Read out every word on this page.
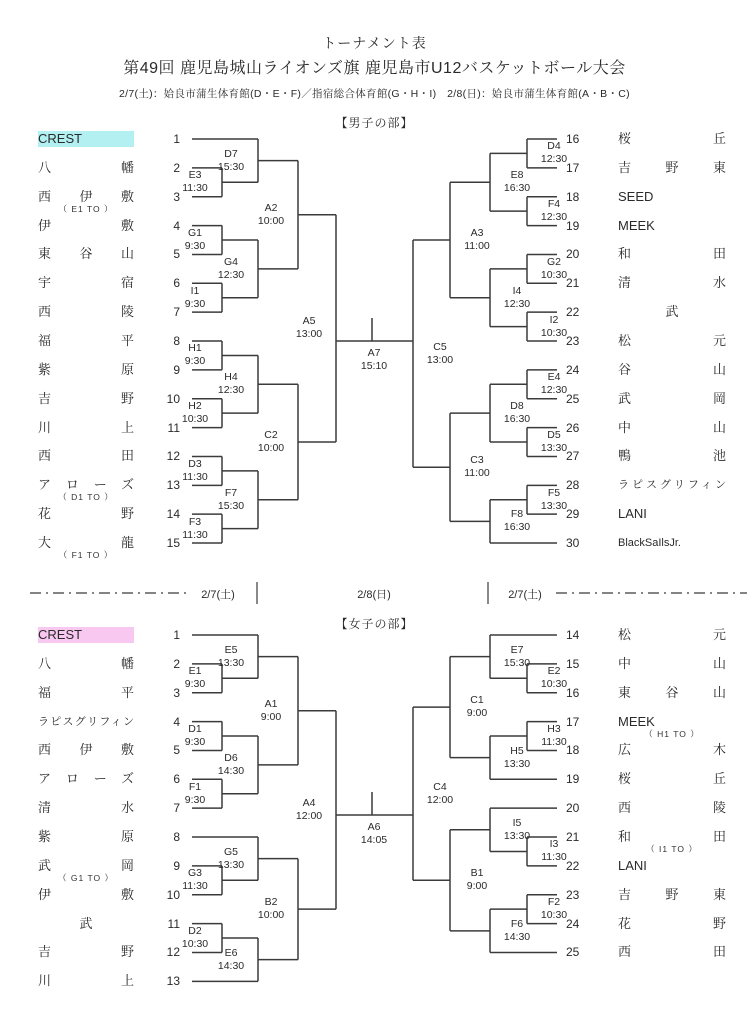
トーナメント表
第49回 鹿児島城山ライオンズ旗 鹿児島市U12バスケットボール大会
2/7(土)：姶良市蒲生体育館(D・E・F)／指宿総合体育館(G・H・I)　2/8(日)：姶良市蒲生体育館(A・B・C)
【男子の部】
【女子の部】
2/7(土)	2/8(日)	2/7(土)
1
CREST
2
八幡
3
西伊敷
（ E1 TO ）
4
伊敷
5
東谷山
6
宇宿
7
西陵
8
福平
9
紫原
10
吉野
11
川上
12
西田
13
アローズ
（ D1 TO ）
14
花野
15
大龍
（ F1 TO ）
16	桜丘
17	吉野東
18	SEED
19	MEEK
20	和田
21	清水
22	武
23	松元
24	谷山
25	武岡
26	中山
27	鴨池
28	ラピスグリフィン
29	LANI
30	BlackSaIlsJr.
E3
11:30
D7
15:30
G1
9:30
I1
9:30
G4
12:30
A2
10:00
H1
9:30
H2
10:30
H4
12:30
D3
11:30
F3
11:30
F7
15:30
C2
10:00
A5
13:00
D4
12:30
F4
12:30
E8
16:30
G2
10:30
I2
10:30
I4
12:30
A3
11:00
E4
12:30
D5
13:30
D8
16:30
F5
13:30
F8
16:30
C3
11:00
C5
13:00
A7
15:10
1
CREST
2
八幡
3
福平
4
ラピスグリフィン
5
西伊敷
6
アローズ
7
清水
8
紫原
9
武岡
（ G1 TO ）
10
伊敷
11
武
12
吉野
13
川上
14	松元
15	中山
16	東谷山
17	MEEK
（ H1 TO ）
18	広木
19	桜丘
20	西陵
21	和田
（ I1 TO ）
22	LANI
23	吉野東
24	花野
25	西田
E1
9:30
E5
13:30
D1
9:30
F1
9:30
D6
14:30
A1
9:00
G3
11:30
G5
13:30
D2
10:30
E6
14:30
B2
10:00
A4
12:00
E2
10:30
E7
15:30
H3
11:30
H5
13:30
C1
9:00
I3
11:30
I5
13:30
F2
10:30
F6
14:30
B1
9:00
C4
12:00
A6
14:05
